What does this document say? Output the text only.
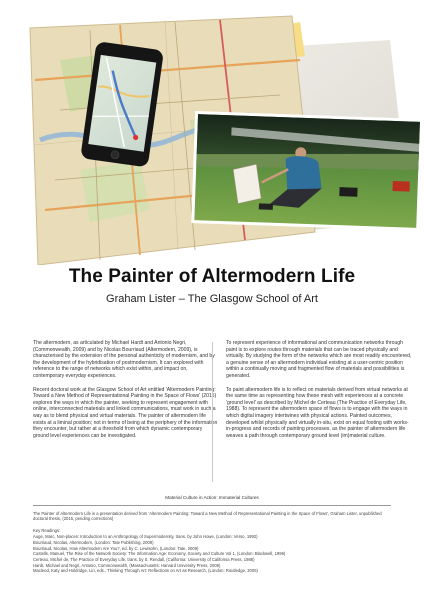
The Painter of Altermodern Life

Graham Lister – The Glasgow School of Art

The altermodern, as articulated by Michael Hardt and Antonio Negri, (Commonwealth, 2009) and by Nicolas Bourriaud (Altermodern, 2009), is characterised by the extension of the personal authenticity of modernism, and by the development of the hybridisation of postmodernism. It can explored with reference to the range of networks which exist within, and impact on, contemporary everyday experiences.

Recent doctoral work at the Glasgow School of Art entitled 'Altermodern Painting: Toward a New Method of Representational Painting in the Space of Flows' (2015) explores the ways in which the painter, seeking to represent engagement with online, interconnected materials and linked communications, must work in such a way as to blend physical and virtual materials. The painter of altermodern life exists at a liminal position; not in terms of being at the periphery of the information they encounter, but rather at a threshold from which dynamic contemporary ground level experiences can be investigated.

To represent experience of informational and communication networks through paint is to explore routes through materials that can be traced physically and virtually. By studying the form of the networks which are most readily encountered, a genuine sense of an altermodern individual existing at a user-centric position within a continually moving and fragmented flow of materials and possibilities is generated.

To paint altermodern life is to reflect on materials derived from virtual networks at the same time as representing how these mesh with experiences at a concrete 'ground level' as described by Michel de Certeau (The Practice of Everyday Life, 1988). To represent the altermodern space of flows is to engage with the ways in which digital imagery intertwines with physical actions. Painted outcomes, developed whilst physically and virtually in-situ, exist on equal footing with works-in-progress and records of painting processes, as the painter of altermodern life weaves a path through contemporary ground level (im)material culture.

Material Culture in Action: Immaterial Cultures
The Painter of Altermodern Life is a presentation derived from 'Altermodern Painting: Toward a New Method of Representational Painting in the Space of Flows', Graham Lister, unpublished doctoral thesis, (2015, pending corrections)
Key Readings:
Auge, Marc, Non-places: Introduction to an Anthropology of Supermodernity, trans. by John Howe, (London: Verso, 1992)
Bourriaud, Nicolas, Altermodern, (London: Tate Publishing, 2009)
Bourriaud, Nicolas, How Altermodern Are You?, ed. by C. Lewisohn, (London: Tate, 2009)
Castells, Manuel, The Rise of the Network Society: The Information Age: Economy, Society and Culture Vol 1, (London: Blackwell, 1996)
Certeau, Michel de, The Practice of Everyday Life, trans. by S. Rendall, (California: University of California Press, 1988)
Hardt, Michael and Negri, Antonio, Commonwealth, (Massachusetts: Harvard University Press, 2009)
Macleod, Katy and Holdridge, Lin, eds., Thinking Through Art: Reflections on Art as Research, (London: Routledge, 2005)
